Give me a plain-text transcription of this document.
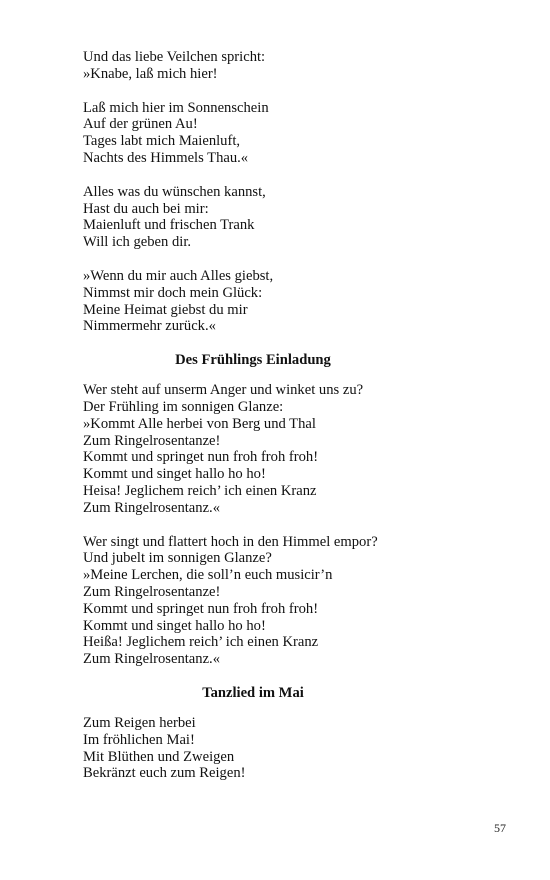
Und das liebe Veilchen spricht:
»Knabe, laß mich hier!
Laß mich hier im Sonnenschein
Auf der grünen Au!
Tages labt mich Maienluft,
Nachts des Himmels Thau.«
Alles was du wünschen kannst,
Hast du auch bei mir:
Maienluft und frischen Trank
Will ich geben dir.
»Wenn du mir auch Alles giebst,
Nimmst mir doch mein Glück:
Meine Heimat giebst du mir
Nimmermehr zurück.«
Des Frühlings Einladung
Wer steht auf unserm Anger und winket uns zu?
Der Frühling im sonnigen Glanze:
»Kommt Alle herbei von Berg und Thal
Zum Ringelrosentanze!
Kommt und springet nun froh froh froh!
Kommt und singet hallo ho ho!
Heisa! Jeglichem reich’ ich einen Kranz
Zum Ringelrosentanz.«
Wer singt und flattert hoch in den Himmel empor?
Und jubelt im sonnigen Glanze?
»Meine Lerchen, die soll’n euch musicir’n
Zum Ringelrosentanze!
Kommt und springet nun froh froh froh!
Kommt und singet hallo ho ho!
Heißa! Jeglichem reich’ ich einen Kranz
Zum Ringelrosentanz.«
Tanzlied im Mai
Zum Reigen herbei
Im fröhlichen Mai!
Mit Blüthen und Zweigen
Bekränzt euch zum Reigen!
57
